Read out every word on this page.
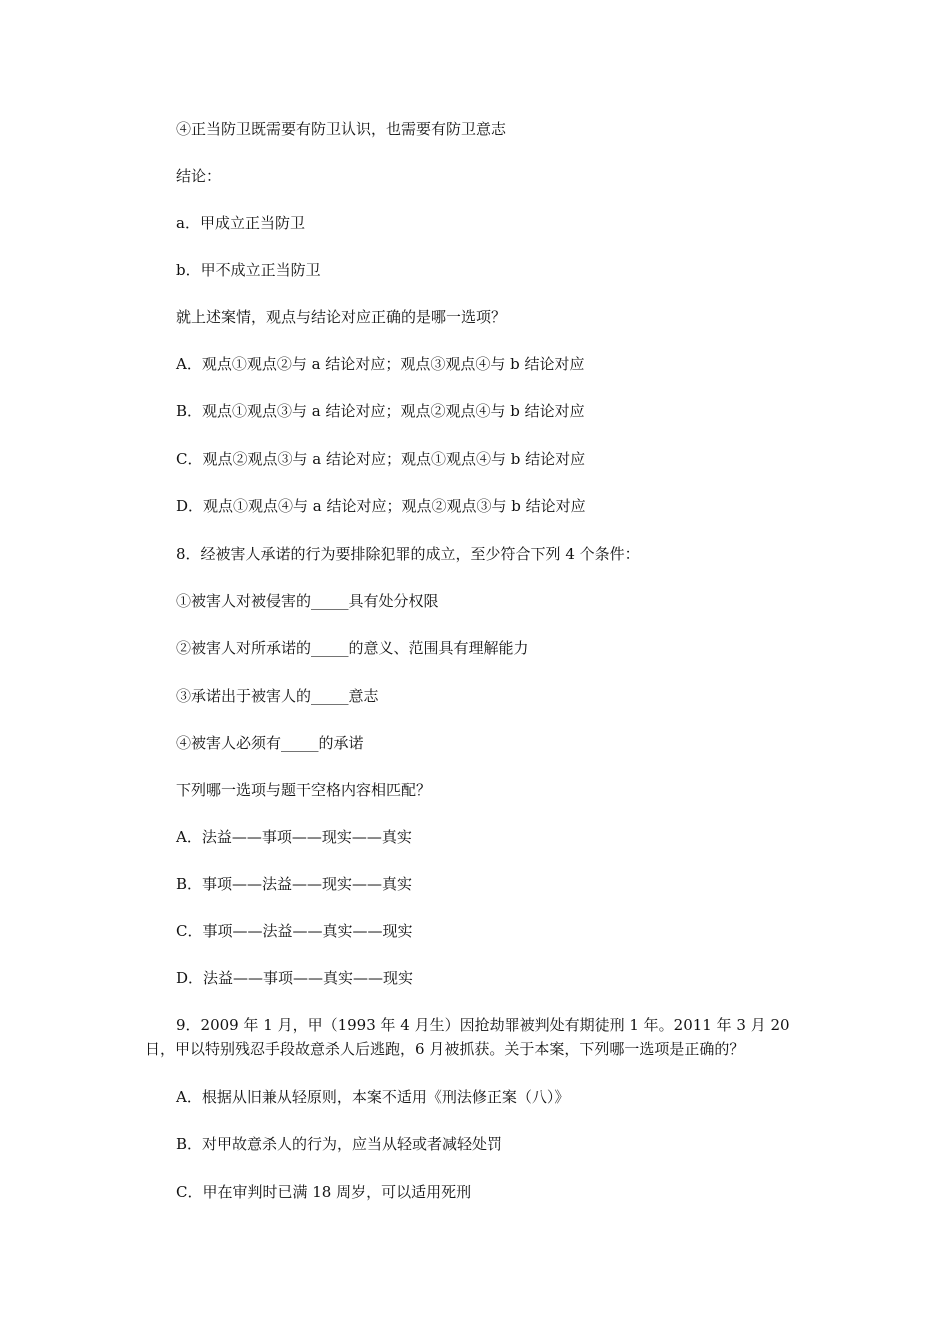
④正当防卫既需要有防卫认识，也需要有防卫意志
结论：
a．甲成立正当防卫
b．甲不成立正当防卫
就上述案情，观点与结论对应正确的是哪一选项？
A．观点①观点②与 a 结论对应；观点③观点④与 b 结论对应
B．观点①观点③与 a 结论对应；观点②观点④与 b 结论对应
C．观点②观点③与 a 结论对应；观点①观点④与 b 结论对应
D．观点①观点④与 a 结论对应；观点②观点③与 b 结论对应
8．经被害人承诺的行为要排除犯罪的成立，至少符合下列 4 个条件：
①被害人对被侵害的_____具有处分权限
②被害人对所承诺的_____的意义、范围具有理解能力
③承诺出于被害人的_____意志
④被害人必须有_____的承诺
下列哪一选项与题干空格内容相匹配？
A．法益——事项——现实——真实
B．事项——法益——现实——真实
C．事项——法益——真实——现实
D．法益——事项——真实——现实
9．2009 年 1 月，甲（1993 年 4 月生）因抢劫罪被判处有期徒刑 1 年。2011 年 3 月 20 日，甲以特别残忍手段故意杀人后逃跑，6 月被抓获。关于本案，下列哪一选项是正确的？
A．根据从旧兼从轻原则，本案不适用《刑法修正案（八）》
B．对甲故意杀人的行为，应当从轻或者减轻处罚
C．甲在审判时已满 18 周岁，可以适用死刑
